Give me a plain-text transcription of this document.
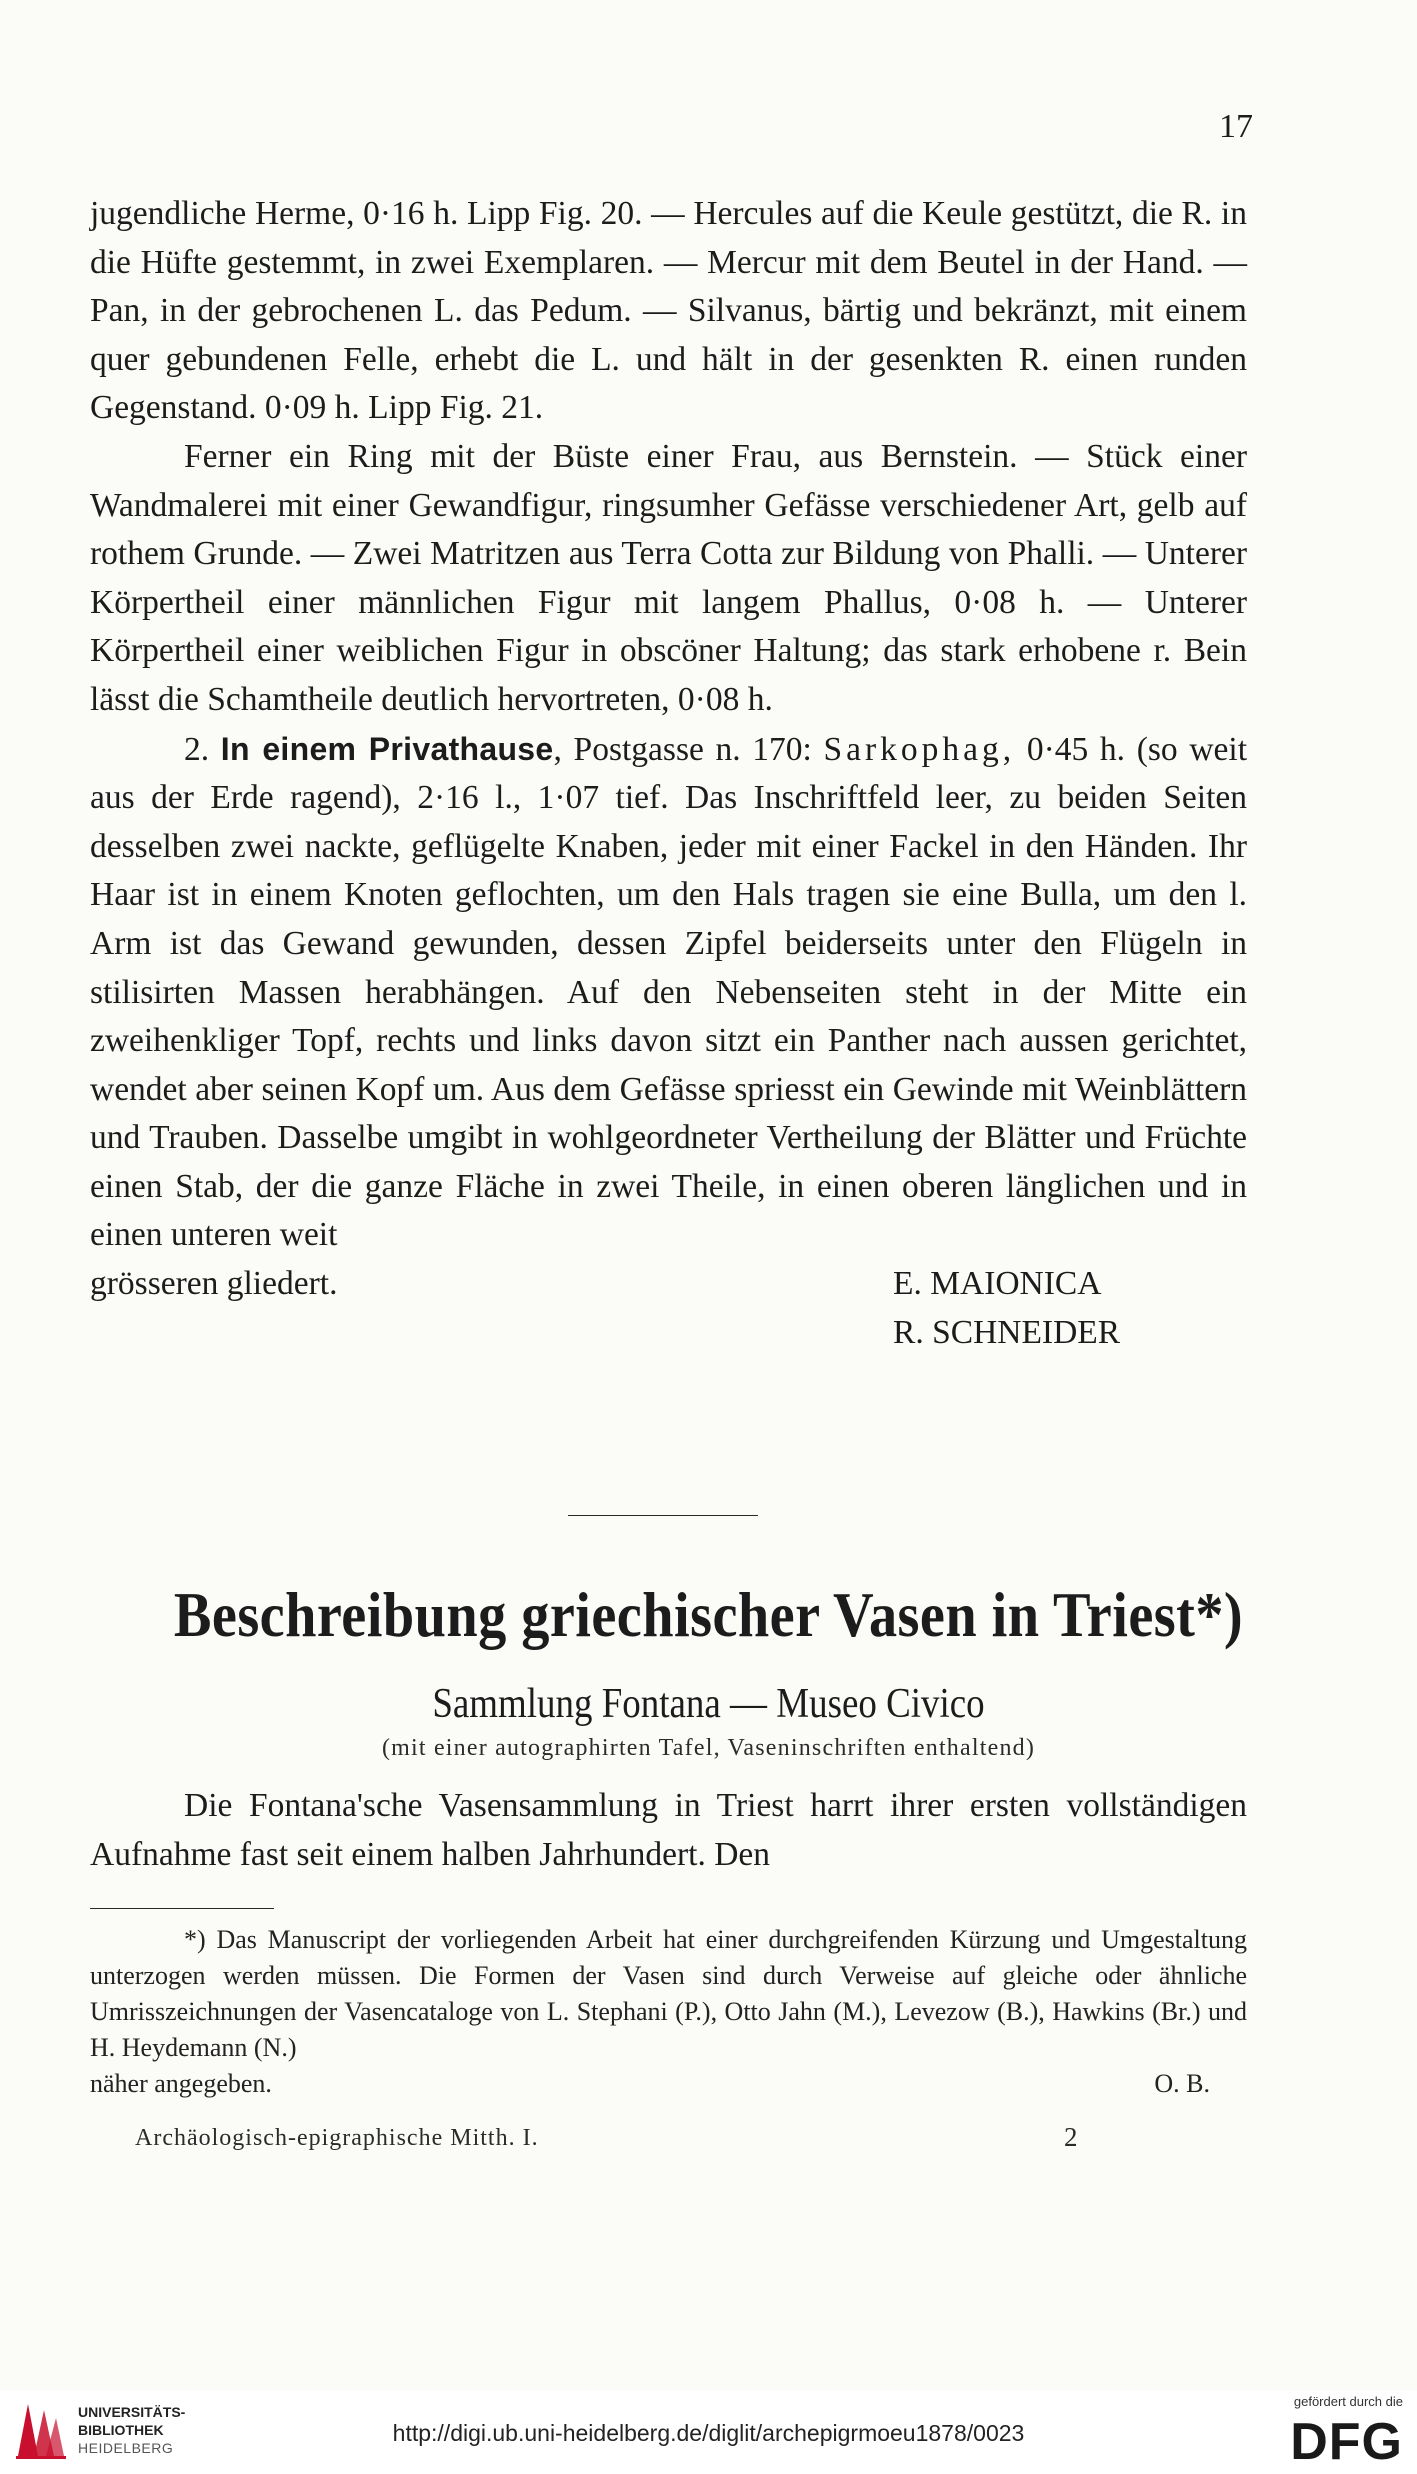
17

jugendliche Herme, 0·16 h. Lipp Fig. 20. — Hercules auf die Keule gestützt, die R. in die Hüfte gestemmt, in zwei Exemplaren. — Mercur mit dem Beutel in der Hand. — Pan, in der gebrochenen L. das Pedum. — Silvanus, bärtig und bekränzt, mit einem quer gebundenen Felle, erhebt die L. und hält in der gesenkten R. einen runden Gegenstand. 0·09 h. Lipp Fig. 21.

Ferner ein Ring mit der Büste einer Frau, aus Bernstein. — Stück einer Wandmalerei mit einer Gewandfigur, ringsumher Gefässe verschiedener Art, gelb auf rothem Grunde. — Zwei Matritzen aus Terra Cotta zur Bildung von Phalli. — Unterer Körpertheil einer männlichen Figur mit langem Phallus, 0·08 h. — Unterer Körpertheil einer weiblichen Figur in obscöner Haltung; das stark erhobene r. Bein lässt die Schamtheile deutlich hervortreten, 0·08 h.

2. In einem Privathause, Postgasse n. 170: Sarkophag, 0·45 h. (so weit aus der Erde ragend), 2·16 l., 1·07 tief. Das Inschriftfeld leer, zu beiden Seiten desselben zwei nackte, geflügelte Knaben, jeder mit einer Fackel in den Händen. Ihr Haar ist in einem Knoten geflochten, um den Hals tragen sie eine Bulla, um den l. Arm ist das Gewand gewunden, dessen Zipfel beiderseits unter den Flügeln in stilisirten Massen herabhängen. Auf den Nebenseiten steht in der Mitte ein zweihenkliger Topf, rechts und links davon sitzt ein Panther nach aussen gerichtet, wendet aber seinen Kopf um. Aus dem Gefässe spriesst ein Gewinde mit Weinblättern und Trauben. Dasselbe umgibt in wohlgeordneter Vertheilung der Blätter und Früchte einen Stab, der die ganze Fläche in zwei Theile, in einen oberen länglichen und in einen unteren weit

grösseren gliedert.	E. MAIONICA
R. SCHNEIDER
Beschreibung griechischer Vasen in Triest*)
Sammlung Fontana — Museo Civico
(mit einer autographirten Tafel, Vaseninschriften enthaltend)

Die Fontana'sche Vasensammlung in Triest harrt ihrer ersten vollständigen Aufnahme fast seit einem halben Jahrhundert. Den

*) Das Manuscript der vorliegenden Arbeit hat einer durchgreifenden Kürzung und Umgestaltung unterzogen werden müssen. Die Formen der Vasen sind durch Verweise auf gleiche oder ähnliche Umrisszeichnungen der Vasencataloge von L. Stephani (P.), Otto Jahn (M.), Levezow (B.), Hawkins (Br.) und H. Heydemann (N.)
näher angegeben.	O. B.
Archäologisch-epigraphische Mitth. I.	2
UNIVERSITÄTS-
BIBLIOTHEK
HEIDELBERG
http://digi.ub.uni-heidelberg.de/diglit/archepigrmoeu1878/0023
gefördert durch die
DFG
